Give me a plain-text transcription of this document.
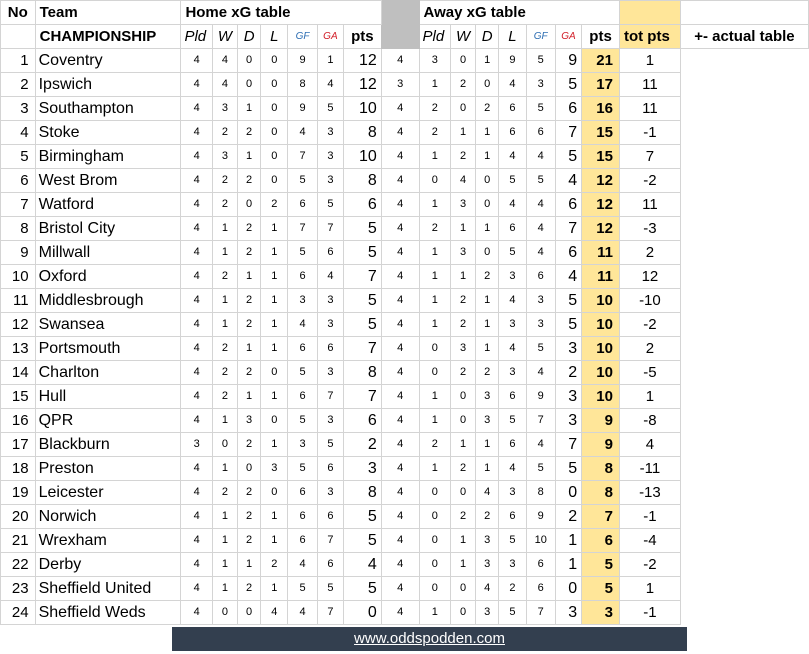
No	Team	Home xG table								Away xG table								
	CHAMPIONSHIP	Pld	W	D	L	GF	GA	pts		Pld	W	D	L	GF	GA	pts	tot pts	+- actual table
1	Coventry	4	4	0	0	9	1	12	4	3	0	1	9	5	9	21	1	
2	Ipswich	4	4	0	0	8	4	12	3	1	2	0	4	3	5	17	11	
3	Southampton	4	3	1	0	9	5	10	4	2	0	2	6	5	6	16	11	
4	Stoke	4	2	2	0	4	3	8	4	2	1	1	6	6	7	15	-1	
5	Birmingham	4	3	1	0	7	3	10	4	1	2	1	4	4	5	15	7	
6	West Brom	4	2	2	0	5	3	8	4	0	4	0	5	5	4	12	-2	
7	Watford	4	2	0	2	6	5	6	4	1	3	0	4	4	6	12	11	
8	Bristol City	4	1	2	1	7	7	5	4	2	1	1	6	4	7	12	-3	
9	Millwall	4	1	2	1	5	6	5	4	1	3	0	5	4	6	11	2	
10	Oxford	4	2	1	1	6	4	7	4	1	1	2	3	6	4	11	12	
11	Middlesbrough	4	1	2	1	3	3	5	4	1	2	1	4	3	5	10	-10	
12	Swansea	4	1	2	1	4	3	5	4	1	2	1	3	3	5	10	-2	
13	Portsmouth	4	2	1	1	6	6	7	4	0	3	1	4	5	3	10	2	
14	Charlton	4	2	2	0	5	3	8	4	0	2	2	3	4	2	10	-5	
15	Hull	4	2	1	1	6	7	7	4	1	0	3	6	9	3	10	1	
16	QPR	4	1	3	0	5	3	6	4	1	0	3	5	7	3	9	-8	
17	Blackburn	3	0	2	1	3	5	2	4	2	1	1	6	4	7	9	4	
18	Preston	4	1	0	3	5	6	3	4	1	2	1	4	5	5	8	-11	
19	Leicester	4	2	2	0	6	3	8	4	0	0	4	3	8	0	8	-13	
20	Norwich	4	1	2	1	6	6	5	4	0	2	2	6	9	2	7	-1	
21	Wrexham	4	1	2	1	6	7	5	4	0	1	3	5	10	1	6	-4	
22	Derby	4	1	1	2	4	6	4	4	0	1	3	3	6	1	5	-2	
23	Sheffield United	4	1	2	1	5	5	5	4	0	0	4	2	6	0	5	1	
24	Sheffield Weds	4	0	0	4	4	7	0	4	1	0	3	5	7	3	3	-1	
www.oddspodden.com
